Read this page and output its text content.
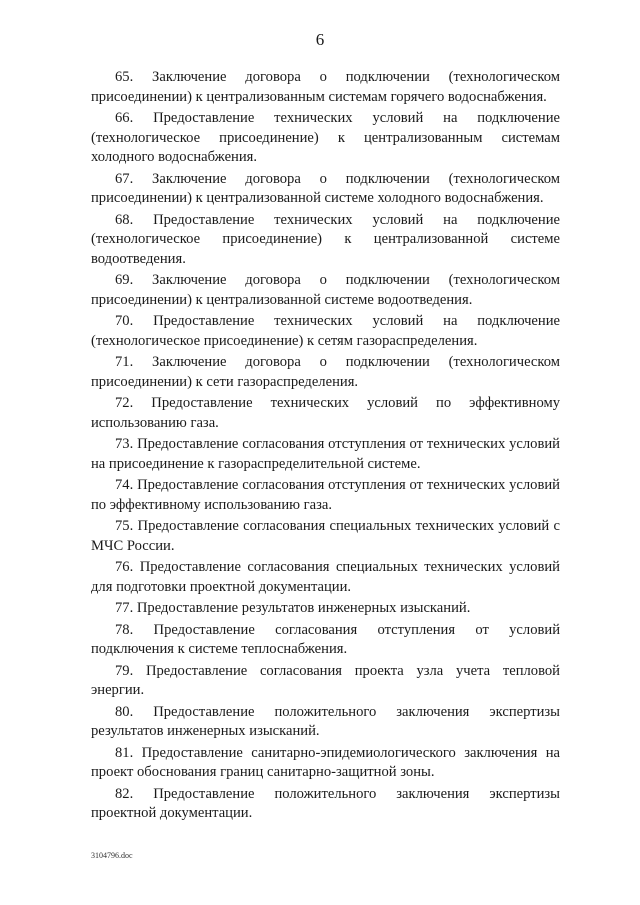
6

65. Заключение договора о подключении (технологическом присоединении) к централизованным системам горячего водоснабжения.

66. Предоставление технических условий на подключение (технологическое присоединение) к централизованным системам холодного водоснабжения.

67. Заключение договора о подключении (технологическом присоединении) к централизованной системе холодного водоснабжения.

68. Предоставление технических условий на подключение (технологическое присоединение) к централизованной системе водоотведения.

69. Заключение договора о подключении (технологическом присоединении) к централизованной системе водоотведения.

70. Предоставление технических условий на подключение (технологическое присоединение) к сетям газораспределения.

71. Заключение договора о подключении (технологическом присоединении) к сети газораспределения.

72. Предоставление технических условий по эффективному использованию газа.

73. Предоставление согласования отступления от технических условий на присоединение к газораспределительной системе.

74. Предоставление согласования отступления от технических условий по эффективному использованию газа.

75. Предоставление согласования специальных технических условий с МЧС России.

76. Предоставление согласования специальных технических условий для подготовки проектной документации.

77. Предоставление результатов инженерных изысканий.

78. Предоставление согласования отступления от условий подключения к системе теплоснабжения.

79. Предоставление согласования проекта узла учета тепловой энергии.

80. Предоставление положительного заключения экспертизы результатов инженерных изысканий.

81. Предоставление санитарно-эпидемиологического заключения на проект обоснования границ санитарно-защитной зоны.

82. Предоставление положительного заключения экспертизы проектной документации.

3104796.doc
